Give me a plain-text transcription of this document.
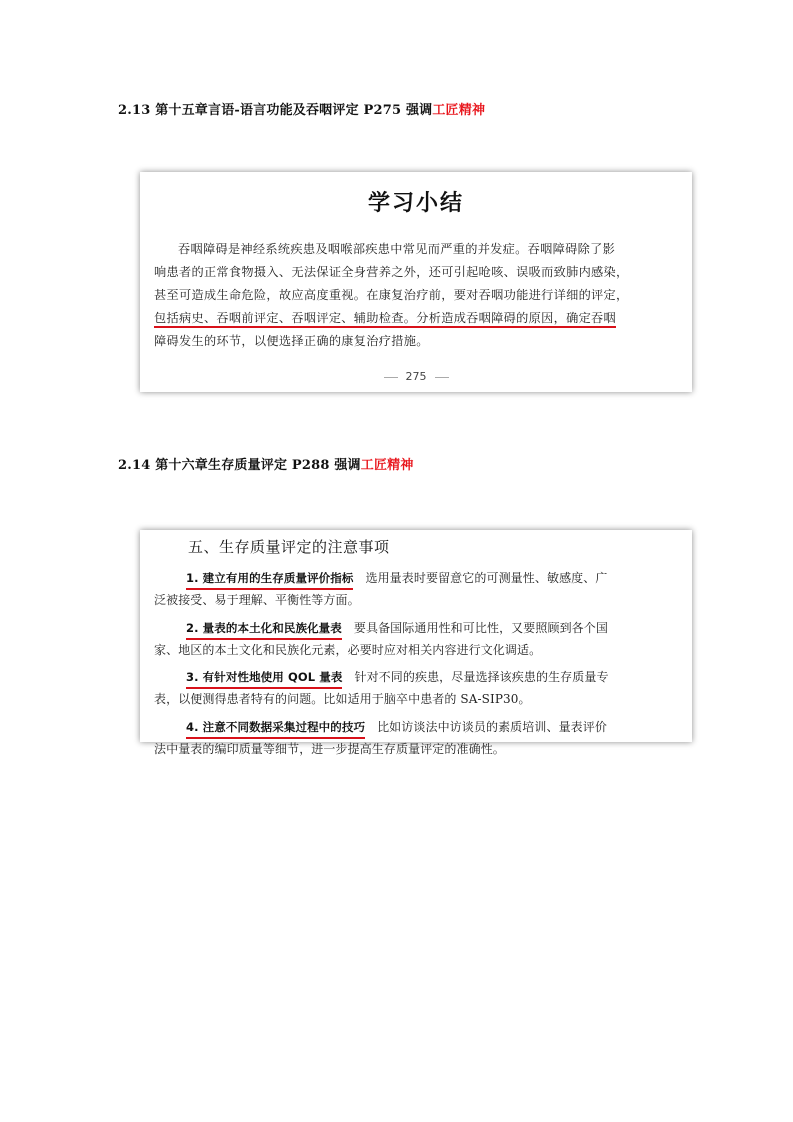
2.13 第十五章言语-语言功能及吞咽评定 P275 强调工匠精神
学习小结
吞咽障碍是神经系统疾患及咽喉部疾患中常见而严重的并发症。吞咽障碍除了影
响患者的正常食物摄入、无法保证全身营养之外，还可引起呛咳、误吸而致肺内感染，
甚至可造成生命危险，故应高度重视。在康复治疗前，要对吞咽功能进行详细的评定，
包括病史、吞咽前评定、吞咽评定、辅助检查。分析造成吞咽障碍的原因，确定吞咽
障碍发生的环节，以便选择正确的康复治疗措施。
275
2.14 第十六章生存质量评定 P288 强调工匠精神
五、生存质量评定的注意事项
1. 建立有用的生存质量评价指标 选用量表时要留意它的可测量性、敏感度、广
泛被接受、易于理解、平衡性等方面。
2. 量表的本土化和民族化量表 要具备国际通用性和可比性，又要照顾到各个国
家、地区的本土文化和民族化元素，必要时应对相关内容进行文化调适。
3. 有针对性地使用 QOL 量表 针对不同的疾患，尽量选择该疾患的生存质量专
表，以便测得患者特有的问题。比如适用于脑卒中患者的 SA-SIP30。
4. 注意不同数据采集过程中的技巧 比如访谈法中访谈员的素质培训、量表评价
法中量表的编印质量等细节，进一步提高生存质量评定的准确性。
